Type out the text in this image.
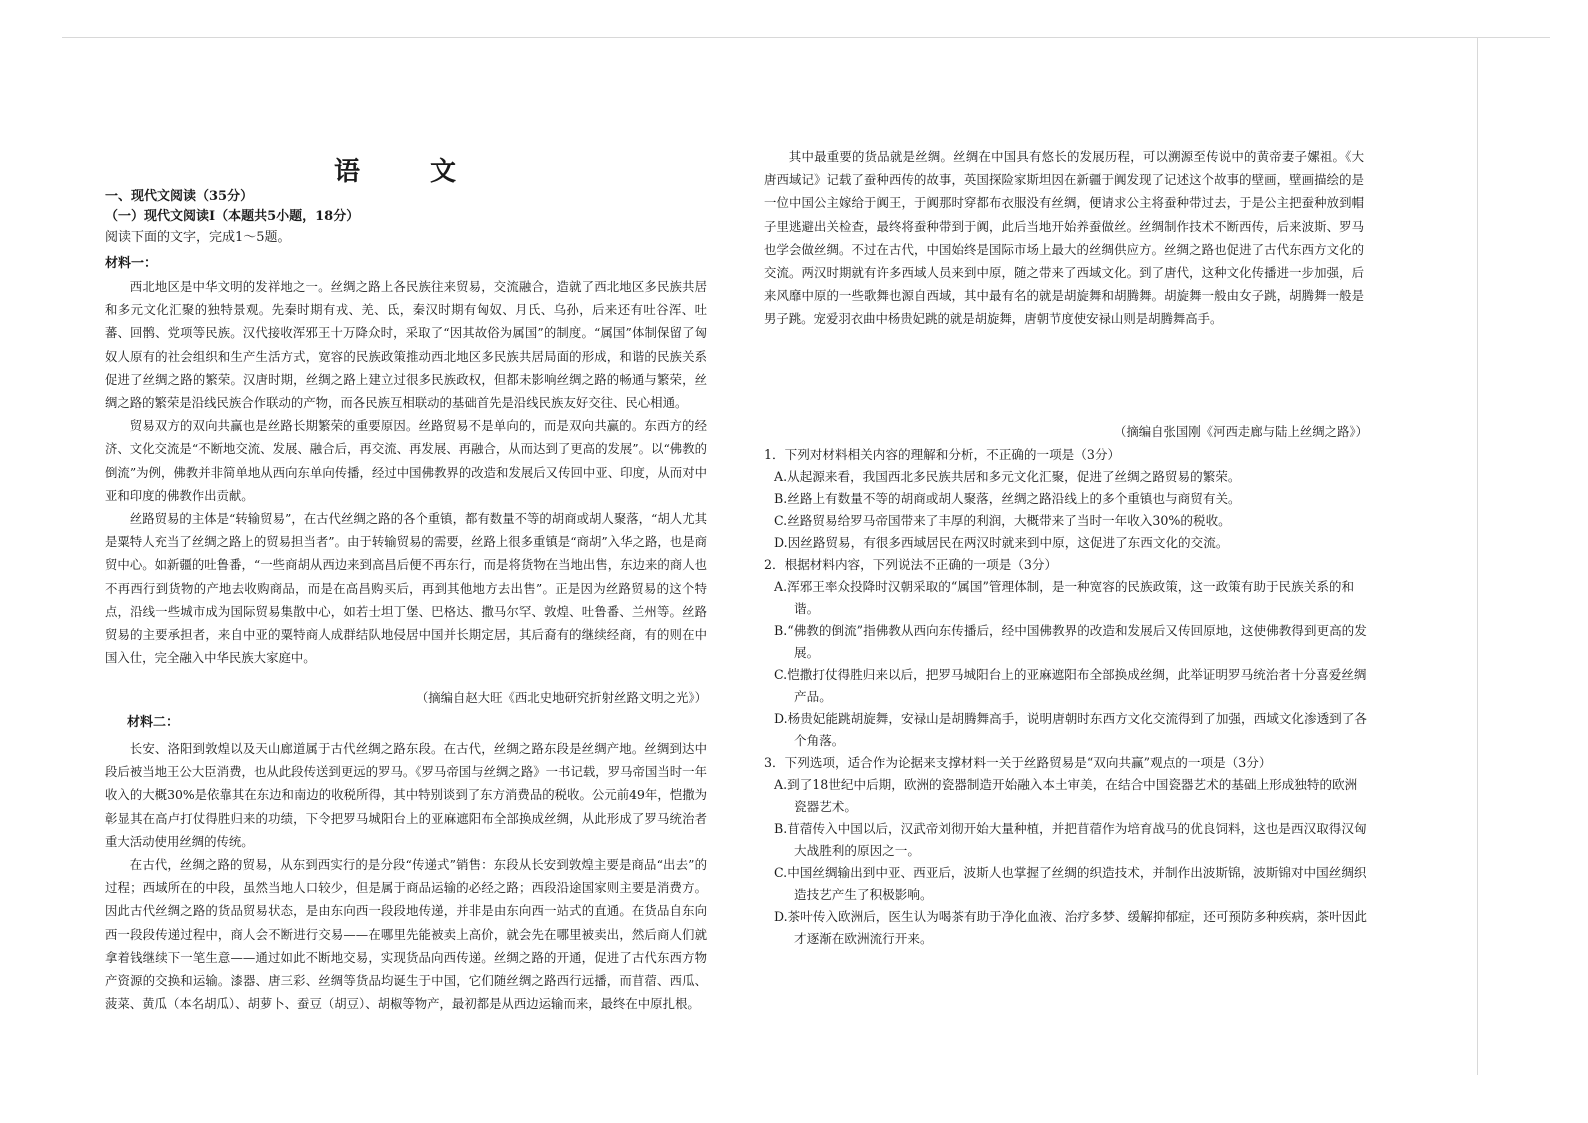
语　文
一、现代文阅读（35分）
（一）现代文阅读Ⅰ（本题共5小题，18分）
阅读下面的文字，完成1～5题。
材料一：

西北地区是中华文明的发祥地之一。丝绸之路上各民族往来贸易，交流融合，造就了西北地区多民族共居和多元文化汇聚的独特景观。先秦时期有戎、羌、氐，秦汉时期有匈奴、月氏、乌孙，后来还有吐谷浑、吐蕃、回鹘、党项等民族。汉代接收浑邪王十万降众时，采取了“因其故俗为属国”的制度。“属国”体制保留了匈奴人原有的社会组织和生产生活方式，宽容的民族政策推动西北地区多民族共居局面的形成，和谐的民族关系促进了丝绸之路的繁荣。汉唐时期，丝绸之路上建立过很多民族政权，但都未影响丝绸之路的畅通与繁荣，丝绸之路的繁荣是沿线民族合作联动的产物，而各民族互相联动的基础首先是沿线民族友好交往、民心相通。

贸易双方的双向共赢也是丝路长期繁荣的重要原因。丝路贸易不是单向的，而是双向共赢的。东西方的经济、文化交流是“不断地交流、发展、融合后，再交流、再发展、再融合，从而达到了更高的发展”。以“佛教的倒流”为例，佛教并非简单地从西向东单向传播，经过中国佛教界的改造和发展后又传回中亚、印度，从而对中亚和印度的佛教作出贡献。

丝路贸易的主体是“转输贸易”，在古代丝绸之路的各个重镇，都有数量不等的胡商或胡人聚落，“胡人尤其是粟特人充当了丝绸之路上的贸易担当者”。由于转输贸易的需要，丝路上很多重镇是“商胡”入华之路，也是商贸中心。如新疆的吐鲁番，“一些商胡从西边来到高昌后便不再东行，而是将货物在当地出售，东边来的商人也不再西行到货物的产地去收购商品，而是在高昌购买后，再到其他地方去出售”。正是因为丝路贸易的这个特点，沿线一些城市成为国际贸易集散中心，如若士坦丁堡、巴格达、撒马尔罕、敦煌、吐鲁番、兰州等。丝路贸易的主要承担者，来自中亚的粟特商人成群结队地侵居中国并长期定居，其后裔有的继续经商，有的则在中国入仕，完全融入中华民族大家庭中。

（摘编自赵大旺《西北史地研究折射丝路文明之光》）
材料二：

长安、洛阳到敦煌以及天山廊道属于古代丝绸之路东段。在古代，丝绸之路东段是丝绸产地。丝绸到达中段后被当地王公大臣消费，也从此段传送到更远的罗马。《罗马帝国与丝绸之路》一书记载，罗马帝国当时一年收入的大概30%是依靠其在东边和南边的收税所得，其中特别谈到了东方消费品的税收。公元前49年，恺撒为彰显其在高卢打仗得胜归来的功绩，下令把罗马城阳台上的亚麻遮阳布全部换成丝绸，从此形成了罗马统治者重大活动使用丝绸的传统。

在古代，丝绸之路的贸易，从东到西实行的是分段“传递式”销售：东段从长安到敦煌主要是商品“出去”的过程；西域所在的中段，虽然当地人口较少，但是属于商品运输的必经之路；西段沿途国家则主要是消费方。因此古代丝绸之路的货品贸易状态，是由东向西一段段地传递，并非是由东向西一站式的直通。在货品自东向西一段段传递过程中，商人会不断进行交易——在哪里先能被卖上高价，就会先在哪里被卖出，然后商人们就拿着钱继续下一笔生意——通过如此不断地交易，实现货品向西传递。丝绸之路的开通，促进了古代东西方物产资源的交换和运输。漆器、唐三彩、丝绸等货品均诞生于中国，它们随丝绸之路西行远播，而苜蓿、西瓜、菠菜、黄瓜（本名胡瓜）、胡萝卜、蚕豆（胡豆）、胡椒等物产，最初都是从西边运输而来，最终在中原扎根。

其中最重要的货品就是丝绸。丝绸在中国具有悠长的发展历程，可以溯源至传说中的黄帝妻子嫘祖。《大唐西域记》记载了蚕种西传的故事，英国探险家斯坦因在新疆于阗发现了记述这个故事的壁画，壁画描绘的是一位中国公主嫁给于阗王，于阗那时穿都布衣服没有丝绸，便请求公主将蚕种带过去，于是公主把蚕种放到帽子里逃避出关检查，最终将蚕种带到于阗，此后当地开始养蚕做丝。丝绸制作技术不断西传，后来波斯、罗马也学会做丝绸。不过在古代，中国始终是国际市场上最大的丝绸供应方。丝绸之路也促进了古代东西方文化的交流。两汉时期就有许多西域人员来到中原，随之带来了西域文化。到了唐代，这种文化传播进一步加强，后来风靡中原的一些歌舞也源自西域，其中最有名的就是胡旋舞和胡腾舞。胡旋舞一般由女子跳，胡腾舞一般是男子跳。宠爱羽衣曲中杨贵妃跳的就是胡旋舞，唐朝节度使安禄山则是胡腾舞高手。

（摘编自张国刚《河西走廊与陆上丝绸之路》）

1．下列对材料相关内容的理解和分析，不正确的一项是（3分）

A.从起源来看，我国西北多民族共居和多元文化汇聚，促进了丝绸之路贸易的繁荣。

B.丝路上有数量不等的胡商或胡人聚落，丝绸之路沿线上的多个重镇也与商贸有关。

C.丝路贸易给罗马帝国带来了丰厚的利润，大概带来了当时一年收入30%的税收。

D.因丝路贸易，有很多西域居民在两汉时就来到中原，这促进了东西文化的交流。

2．根据材料内容，下列说法不正确的一项是（3分）

A.浑邪王率众投降时汉朝采取的“属国”管理体制，是一种宽容的民族政策，这一政策有助于民族关系的和谐。

B.“佛教的倒流”指佛教从西向东传播后，经中国佛教界的改造和发展后又传回原地，这使佛教得到更高的发展。

C.恺撒打仗得胜归来以后，把罗马城阳台上的亚麻遮阳布全部换成丝绸，此举证明罗马统治者十分喜爱丝绸产品。

D.杨贵妃能跳胡旋舞，安禄山是胡腾舞高手，说明唐朝时东西方文化交流得到了加强，西域文化渗透到了各个角落。

3．下列选项，适合作为论据来支撑材料一关于丝路贸易是“双向共赢”观点的一项是（3分）

A.到了18世纪中后期，欧洲的瓷器制造开始融入本土审美，在结合中国瓷器艺术的基础上形成独特的欧洲瓷器艺术。

B.苜蓿传入中国以后，汉武帝刘彻开始大量种植，并把苜蓿作为培育战马的优良饲料，这也是西汉取得汉匈大战胜利的原因之一。

C.中国丝绸输出到中亚、西亚后，波斯人也掌握了丝绸的织造技术，并制作出波斯锦，波斯锦对中国丝绸织造技艺产生了积极影响。

D.茶叶传入欧洲后，医生认为喝茶有助于净化血液、治疗多梦、缓解抑郁症，还可预防多种疾病，茶叶因此才逐渐在欧洲流行开来。
